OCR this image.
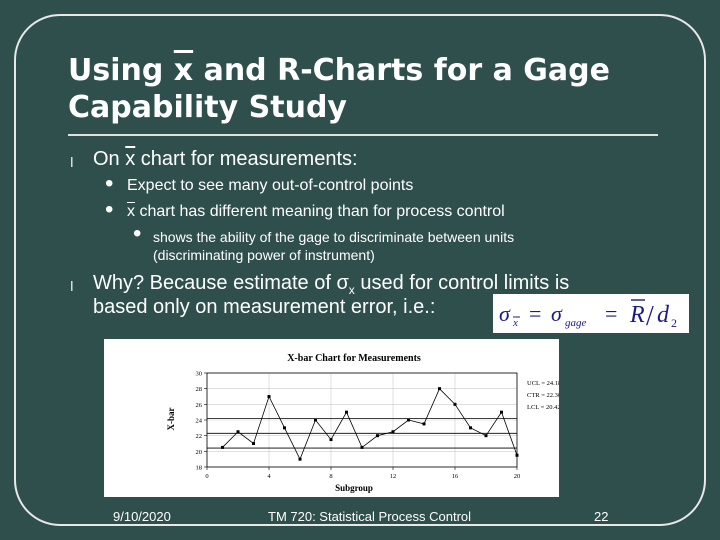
Using $\overline{x}$ and R-Charts for a Gage
Capability Study
l On $\overline{x}$ chart for measurements:
• Expect to see many out-of-control points
• $\overline{x}$ chart has different meaning than for process control
• shows the ability of the gage to discriminate between units
(discriminating power of instrument)
l Why? Because estimate of $\sigma_x$ used for control limits is
based only on measurement error, i.e.:	σ x = σ gage = R / d 2
X-bar Chart for Measurements
Subgroup
X-bar
18
20
22
24
26
28
30
0	4	8	12	16	20
UCL = 24.18
CTR = 22.30
LCL = 20.42
9/10/2020	TM 720: Statistical Process Control	22
